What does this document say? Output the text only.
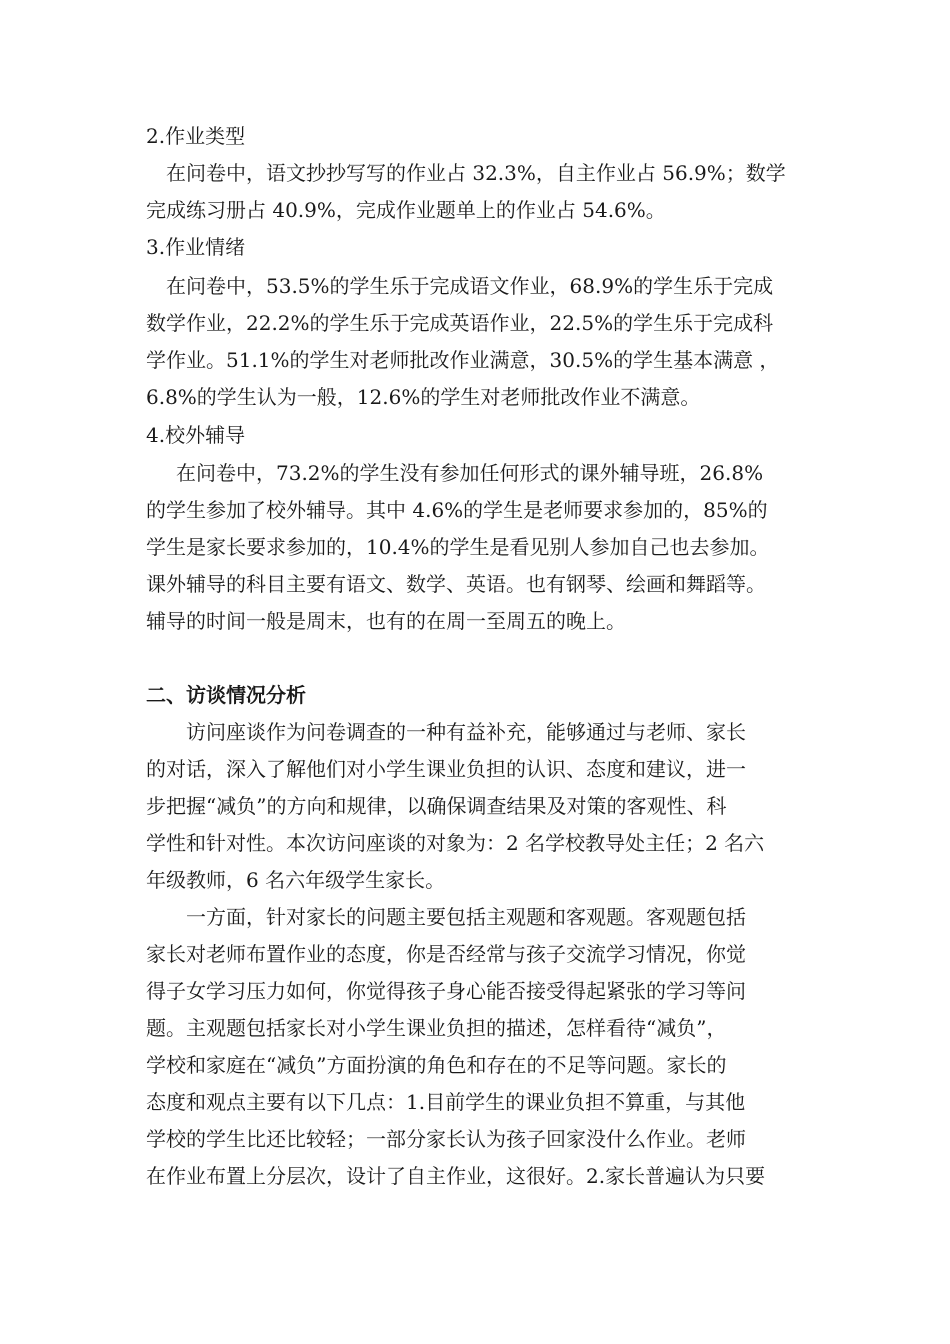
2.作业类型
在问卷中，语文抄抄写写的作业占 32.3%，自主作业占 56.9%；数学
完成练习册占 40.9%，完成作业题单上的作业占 54.6%。
3.作业情绪
在问卷中，53.5%的学生乐于完成语文作业，68.9%的学生乐于完成
数学作业，22.2%的学生乐于完成英语作业，22.5%的学生乐于完成科
学作业。51.1%的学生对老师批改作业满意，30.5%的学生基本满意 ，
6.8%的学生认为一般，12.6%的学生对老师批改作业不满意。
4.校外辅导
在问卷中，73.2%的学生没有参加任何形式的课外辅导班，26.8%
的学生参加了校外辅导。其中 4.6%的学生是老师要求参加的，85%的
学生是家长要求参加的，10.4%的学生是看见别人参加自己也去参加。
课外辅导的科目主要有语文、数学、英语。也有钢琴、绘画和舞蹈等。
辅导的时间一般是周末，也有的在周一至周五的晚上。
二、访谈情况分析
访问座谈作为问卷调查的一种有益补充，能够通过与老师、家长
的对话，深入了解他们对小学生课业负担的认识、态度和建议，进一
步把握“减负”的方向和规律，以确保调查结果及对策的客观性、科
学性和针对性。本次访问座谈的对象为：2 名学校教导处主任；2 名六
年级教师，6 名六年级学生家长。
一方面，针对家长的问题主要包括主观题和客观题。客观题包括
家长对老师布置作业的态度，你是否经常与孩子交流学习情况，你觉
得子女学习压力如何，你觉得孩子身心能否接受得起紧张的学习等问
题。主观题包括家长对小学生课业负担的描述，怎样看待“减负”，
学校和家庭在“减负”方面扮演的角色和存在的不足等问题。家长的
态度和观点主要有以下几点：1.目前学生的课业负担不算重，与其他
学校的学生比还比较轻；一部分家长认为孩子回家没什么作业。老师
在作业布置上分层次，设计了自主作业，这很好。2.家长普遍认为只要
